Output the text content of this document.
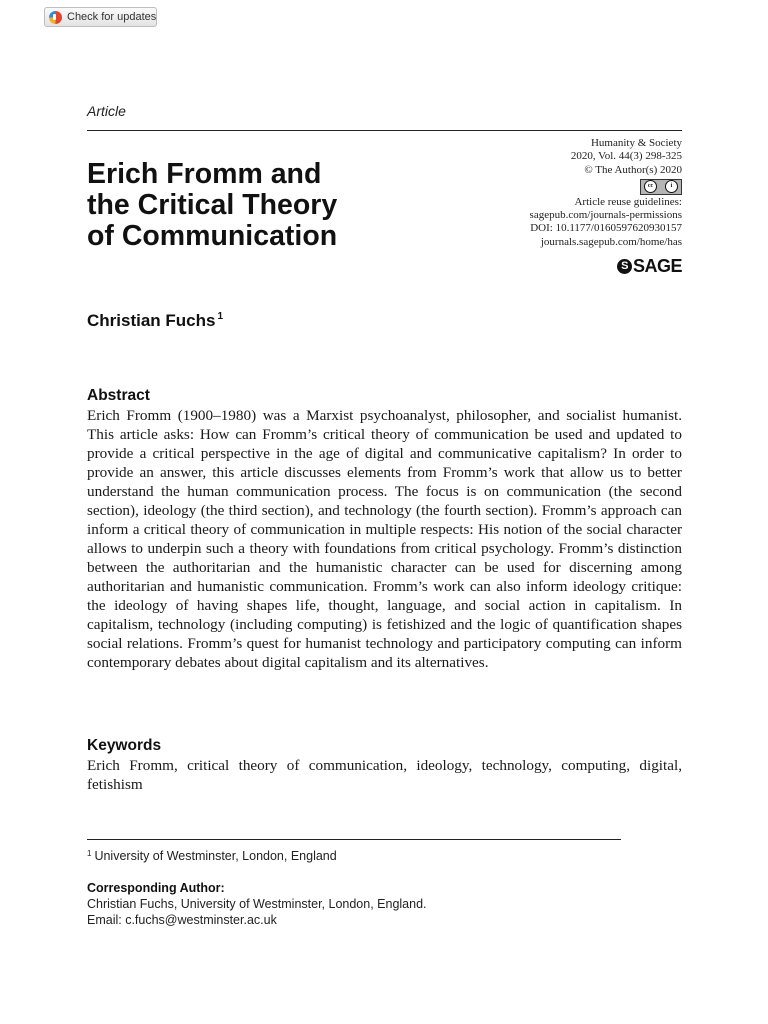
Check for updates
Article
Erich Fromm and
the Critical Theory
of Communication
Humanity & Society
2020, Vol. 44(3) 298-325
© The Author(s) 2020
cc	i
Article reuse guidelines:
sagepub.com/journals-permissions
DOI: 10.1177/0160597620930157
journals.sagepub.com/home/has
S SAGE
Christian Fuchs $^1$
Abstract

Erich Fromm (1900–1980) was a Marxist psychoanalyst, philosopher, and socialist humanist. This article asks: How can Fromm’s critical theory of communication be used and updated to provide a critical perspective in the age of digital and communicative capitalism? In order to provide an answer, this article discusses elements from Fromm’s work that allow us to better understand the human communication process. The focus is on communication (the second section), ideology (the third section), and technology (the fourth section). Fromm’s approach can inform a critical theory of communication in multiple respects: His notion of the social character allows to underpin such a theory with foundations from critical psychology. Fromm’s distinction between the authoritarian and the humanistic character can be used for discerning among authoritarian and humanistic communication. Fromm’s work can also inform ideology critique: the ideology of having shapes life, thought, language, and social action in capitalism. In capitalism, technology (including computing) is fetishized and the logic of quantification shapes social relations. Fromm’s quest for humanist technology and participatory computing can inform contemporary debates about digital capitalism and its alternatives.

Keywords

Erich Fromm, critical theory of communication, ideology, technology, computing, digital, fetishism

$^1$ University of Westminster, London, England

Corresponding Author:

Christian Fuchs, University of Westminster, London, England.

Email: c.fuchs@westminster.ac.uk
